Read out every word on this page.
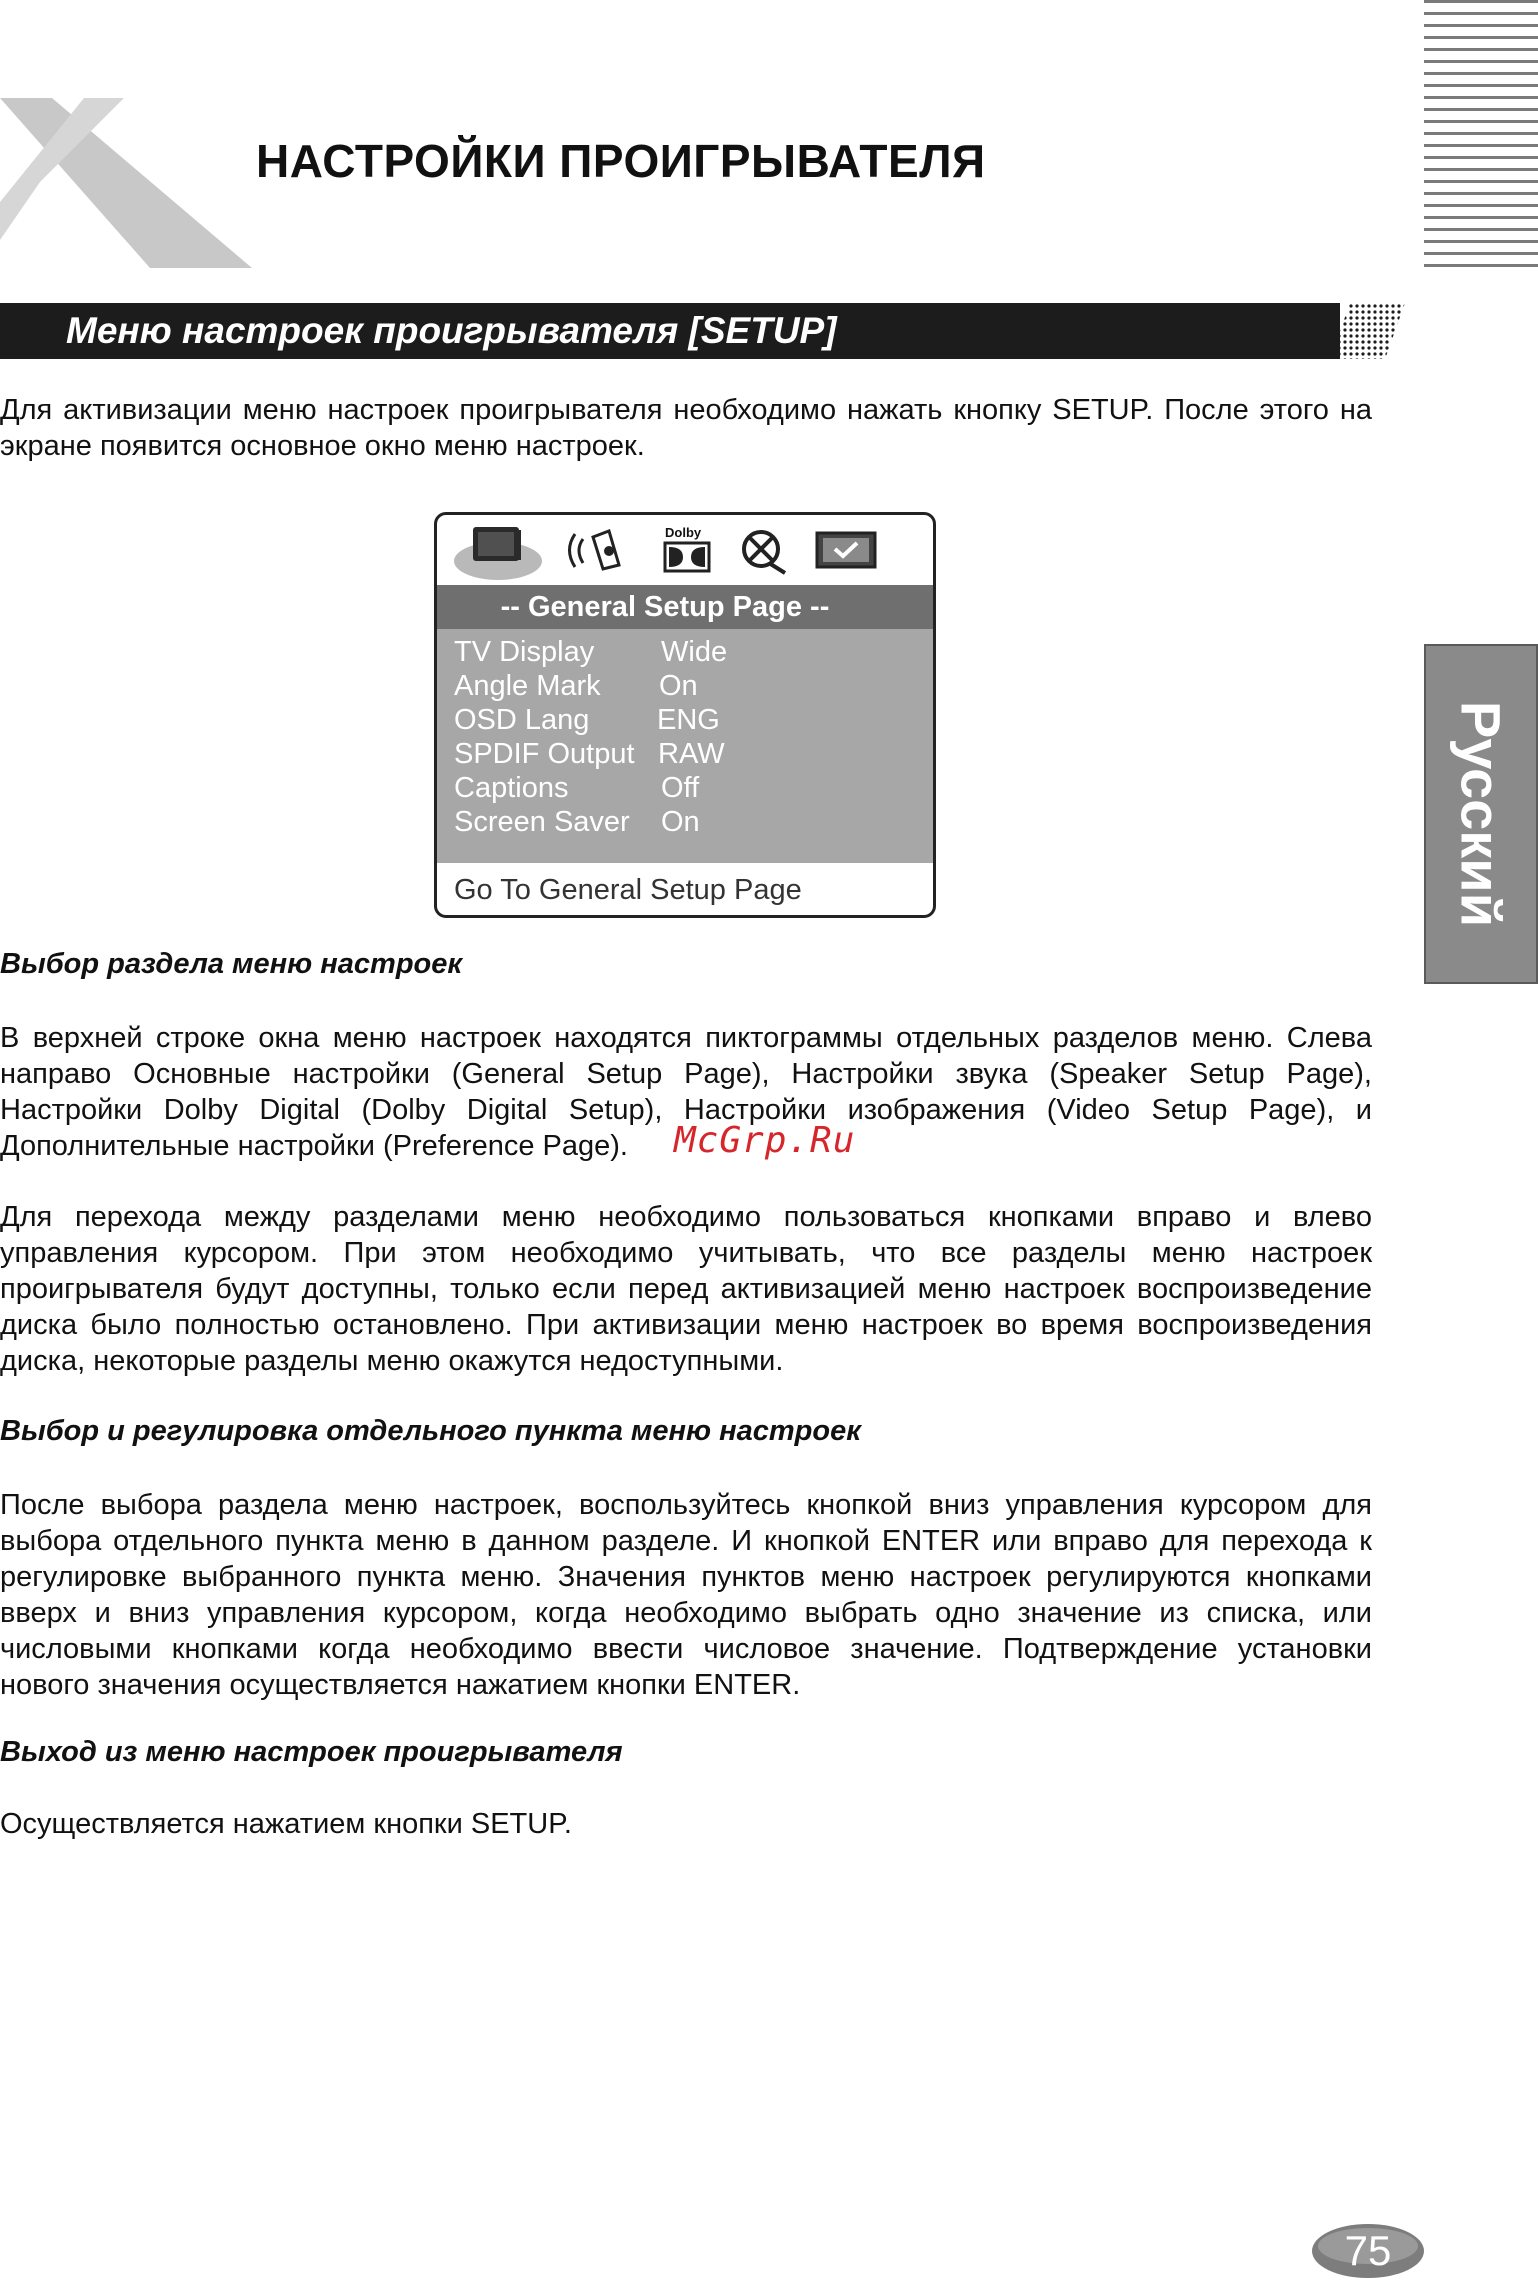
НАСТРОЙКИ ПРОИГРЫВАТЕЛЯ
Меню настроек проигрывателя [SETUP]
Для активизации меню настроек проигрывателя необходимо нажать кнопку SETUP. После этого на экране появится основное окно меню настроек.
Dolby
-- General Setup Page --
TV Display Wide
Angle Mark On
OSD Lang ENG
SPDIF Output RAW
Captions	Off
Screen Saver On
Go To General Setup Page
Выбор раздела меню настроек
В верхней строке окна меню настроек находятся пиктограммы отдельных разделов меню. Слева направо Основные настройки (General Setup Page), Настройки звука (Speaker Setup Page), Настройки Dolby Digital (Dolby Digital Setup), Настройки изображения (Video Setup Page), и Дополнительные настройки (Preference Page).
Для перехода между разделами меню необходимо пользоваться кнопками вправо и влево управления курсором. При этом необходимо учитывать, что все разделы меню настроек проигрывателя будут доступны, только если перед активизацией меню настроек воспроизведение диска было полностью остановлено. При активизации меню настроек во время воспроизведения диска, некоторые разделы меню окажутся недоступными.
Выбор и регулировка отдельного пункта меню настроек
После выбора раздела меню настроек, воспользуйтесь кнопкой вниз управления курсором для выбора отдельного пункта меню в данном разделе. И кнопкой ENTER или вправо для перехода к регулировке выбранного пункта меню. Значения пунктов меню настроек регулируются кнопками вверх и вниз управления курсором, когда необходимо выбрать одно значение из списка, или числовыми кнопками когда необходимо ввести числовое значение. Подтверждение установки нового значения осуществляется нажатием кнопки ENTER.
Выход из меню настроек проигрывателя
Осуществляется нажатием кнопки SETUP.
McGrp.Ru
Русский
75
